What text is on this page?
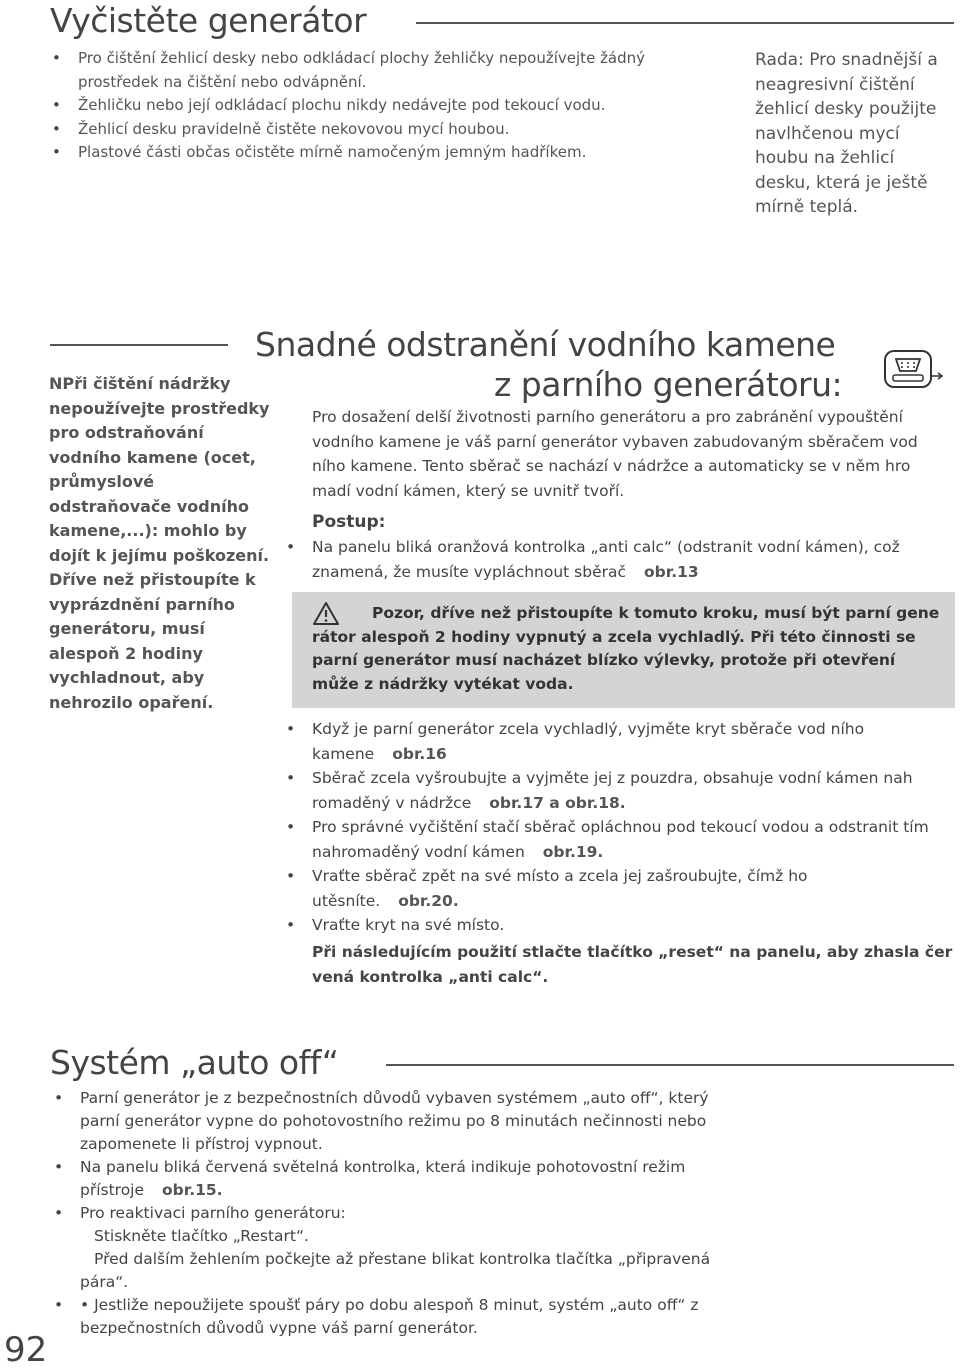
Vyčistěte generátor
• Pro čištění žehlicí desky nebo odkládací plochy žehličky nepoužívejte žádný prostředek na čištění nebo odvápnění.
• Žehličku nebo její odkládací plochu nikdy nedávejte pod tekoucí vodu.
• Žehlicí desku pravidelně čistěte nekovovou mycí houbou.
• Plastové části občas očistěte mírně namočeným jemným hadříkem.
Rada: Pro snadnější a neagresivní čištění žehlicí desky použijte navlhčenou mycí houbu na žehlicí desku, která je ještě mírně teplá.
NPři čištění nádržky nepoužívejte prostředky pro odstraňování vodního kamene (ocet, průmyslové odstraňovače vodního kamene,...): mohlo by dojít k jejímu poškození. Dříve než přistoupíte k vyprázdnění parního generátoru, musí alespoň 2 hodiny vychladnout, aby nehrozilo opaření.
Snadné odstranění vodního kamene
z parního generátoru:
Pro dosažení delší životnosti parního generátoru a pro zabránění vypouštění vodního kamene je váš parní generátor vybaven zabudovaným sběračem vod ního kamene. Tento sběrač se nachází v nádržce a automaticky se v něm hro madí vodní kámen, který se uvnitř tvoří.
Postup:
• Na panelu bliká oranžová kontrolka „anti calc“ (odstranit vodní kámen), což znamená, že musíte vypláchnout sběrač obr.13
Pozor, dříve než přistoupíte k tomuto kroku, musí být parní gene rátor alespoň 2 hodiny vypnutý a zcela vychladlý. Při této činnosti se parní generátor musí nacházet blízko výlevky, protože při otevření může z nádržky vytékat voda.
• Když je parní generátor zcela vychladlý, vyjměte kryt sběrače vod ního kamene obr.16
• Sběrač zcela vyšroubujte a vyjměte jej z pouzdra, obsahuje vodní kámen nah romaděný v nádržce obr.17 a obr.18.
• Pro správné vyčištění stačí sběrač opláchnou pod tekoucí vodou a odstranit tím nahromaděný vodní kámen obr.19.
• Vraťte sběrač zpět na své místo a zcela jej zašroubujte, čímž ho utěsníte. obr.20.
• Vraťte kryt na své místo.
Při následujícím použití stlačte tlačítko „reset“ na panelu, aby zhasla čer vená kontrolka „anti calc“.
Systém „auto off“
• Parní generátor je z bezpečnostních důvodů vybaven systémem „auto off“, který parní generátor vypne do pohotovostního režimu po 8 minutách nečinnosti nebo zapomenete li přístroj vypnout.
• Na panelu bliká červená světelná kontrolka, která indikuje pohotovostní režim přístroje obr.15.
• Pro reaktivaci parního generátoru:
Stiskněte tlačítko „Restart“.
Před dalším žehlením počkejte až přestane blikat kontrolka tlačítka „připravená pára“.
• • Jestliže nepoužijete spoušť páry po dobu alespoň 8 minut, systém „auto off“ z bezpečnostních důvodů vypne váš parní generátor.
92
